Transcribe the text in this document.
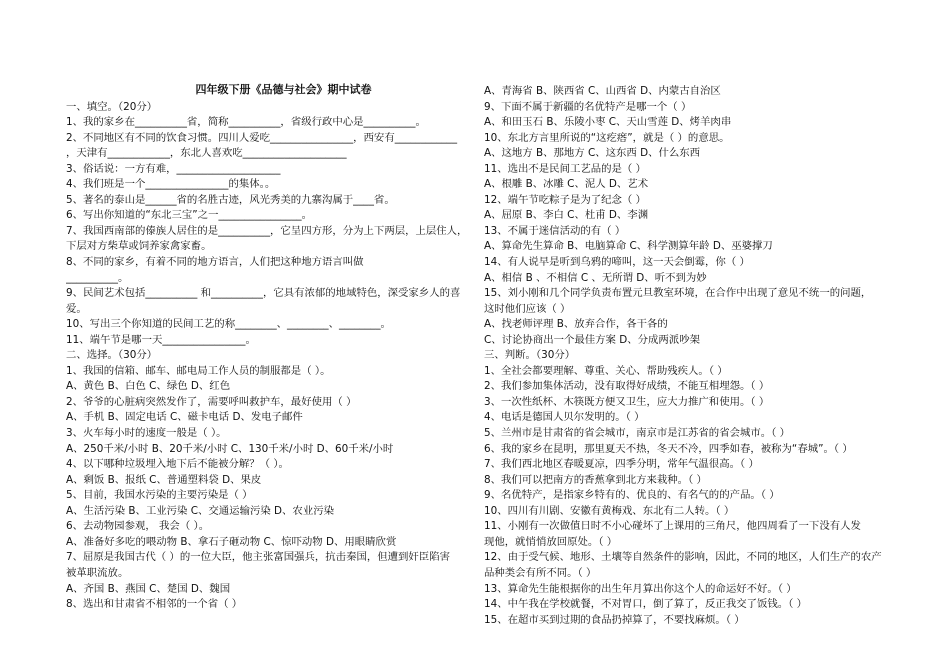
四年级下册《品德与社会》期中试卷
一、填空。（20分）
1、我的家乡在__________省，简称__________，省级行政中心是__________。
2、不同地区有不同的饮食习惯。四川人爱吃________________，西安有____________
，天津有____________，东北人喜欢吃____________________
3、俗话说：一方有难，____________________
4、我们班是一个________________的集体。。
5、著名的泰山是______省的名胜古迹，风光秀美的九寨沟属于____省。
6、写出你知道的“东北三宝”之一________________。
7、我国西南部的傣族人居住的是__________，它呈四方形，分为上下两层，上层住人，
下层对方柴草或饲养家禽家畜。
8、不同的家乡，有着不同的地方语言，人们把这种地方语言叫做
__________。
9、民间艺术包括__________ 和__________，它具有浓郁的地域特色，深受家乡人的喜
爱。
10、写出三个你知道的民间工艺的称________、________、________。
11、端午节是哪一天________________。
二、选择。（30分）
1、我国的信箱、邮车、邮电局工作人员的制服都是（ ）。
A、黄色 B、白色 C、绿色 D、红色
2、爷爷的心脏病突然发作了，需要呼叫救护车，最好使用（ ）
A、手机 B、固定电话 C、磁卡电话 D、发电子邮件
3、火车每小时的速度一般是（ ）。
A、250千米/小时 B、20千米/小时 C、130千米/小时 D、60千米/小时
4、以下哪种垃圾埋入地下后不能被分解？（ ）。
A、剩饭 B、报纸 C、普通塑料袋 D、果皮
5、目前，我国水污染的主要污染是（ ）
A、生活污染 B、工业污染 C、交通运输污染 D、农业污染
6、去动物园参观， 我会（ ）。
A、准备好多吃的喂动物 B、拿石子砸动物 C、惊吓动物 D、用眼睛欣赏
7、屈原是我国古代（ ）的一位大臣，他主张富国强兵，抗击秦国，但遭到奸臣陷害
被革职流放。
A、齐国 B、燕国 C、楚国 D、魏国
8、选出和甘肃省不相邻的一个省（ ）
A、青海省 B、陕西省 C、山西省 D、内蒙古自治区
9、下面不属于新疆的名优特产是哪一个（ ）
A、和田玉石 B、乐陵小枣 C、天山雪莲 D、烤羊肉串
10、东北方言里所说的“这疙瘩”，就是（ ）的意思。
A、这地方 B、那地方 C、这东西 D、什么东西
11、选出不是民间工艺品的是（ ）
A、根雕 B、冰雕 C、泥人 D、艺术
12、端午节吃粽子是为了纪念（ ）
A、屈原 B、李白 C、杜甫 D、李渊
13、不属于迷信活动的有（ ）
A、算命先生算命 B、电脑算命 C、科学测算年龄 D、巫婆撑刀
14、有人说早是听到乌鸦的啼叫，这一天会倒霉，你（ ）
A、相信 B 、不相信 C 、无所谓 D、听不到为妙
15、刘小刚和几个同学负责布置元旦教室环境，在合作中出现了意见不统一的问题，
这时他们应该（ ）
A、找老师评理 B、放弃合作，各干各的
C、讨论协商出一个最佳方案 D、分成两派吵架
三、判断。（30分）
1、全社会都要理解、尊重、关心、帮助残疾人。（ ）
2、我们参加集体活动，没有取得好成绩，不能互相埋怨。（ ）
3、一次性纸杯、木筷既方便又卫生，应大力推广和使用。（ ）
4、电话是德国人贝尔发明的。（ ）
5、兰州市是甘肃省的省会城市，南京市是江苏省的省会城市。（ ）
6、我的家乡在昆明，那里夏天不热，冬天不冷，四季如春，被称为“春城”。（ ）
7、我们西北地区春暖夏凉，四季分明，常年气温很高。（ ）
8、我们可以把南方的香蕉拿到北方来栽种。（ ）
9、名优特产，是指家乡特有的、优良的、有名气的的产品。（ ）
10、四川有川剧、安徽有黄梅戏、东北有二人转。（ ）
11、小刚有一次做值日时不小心碰坏了上课用的三角尺，他四周看了一下没有人发
现他，就悄悄放回原处。（ ）
12、由于受气候、地形、土壤等自然条件的影响，因此，不同的地区，人们生产的农产
品种类会有所不同。（ ）
13、算命先生能根据你的出生年月算出你这个人的命运好不好。（ ）
14、中午我在学校就餐，不对胃口，倒了算了，反正我交了饭钱。（ ）
15、在超市买到过期的食品扔掉算了，不要找麻烦。（ ）
